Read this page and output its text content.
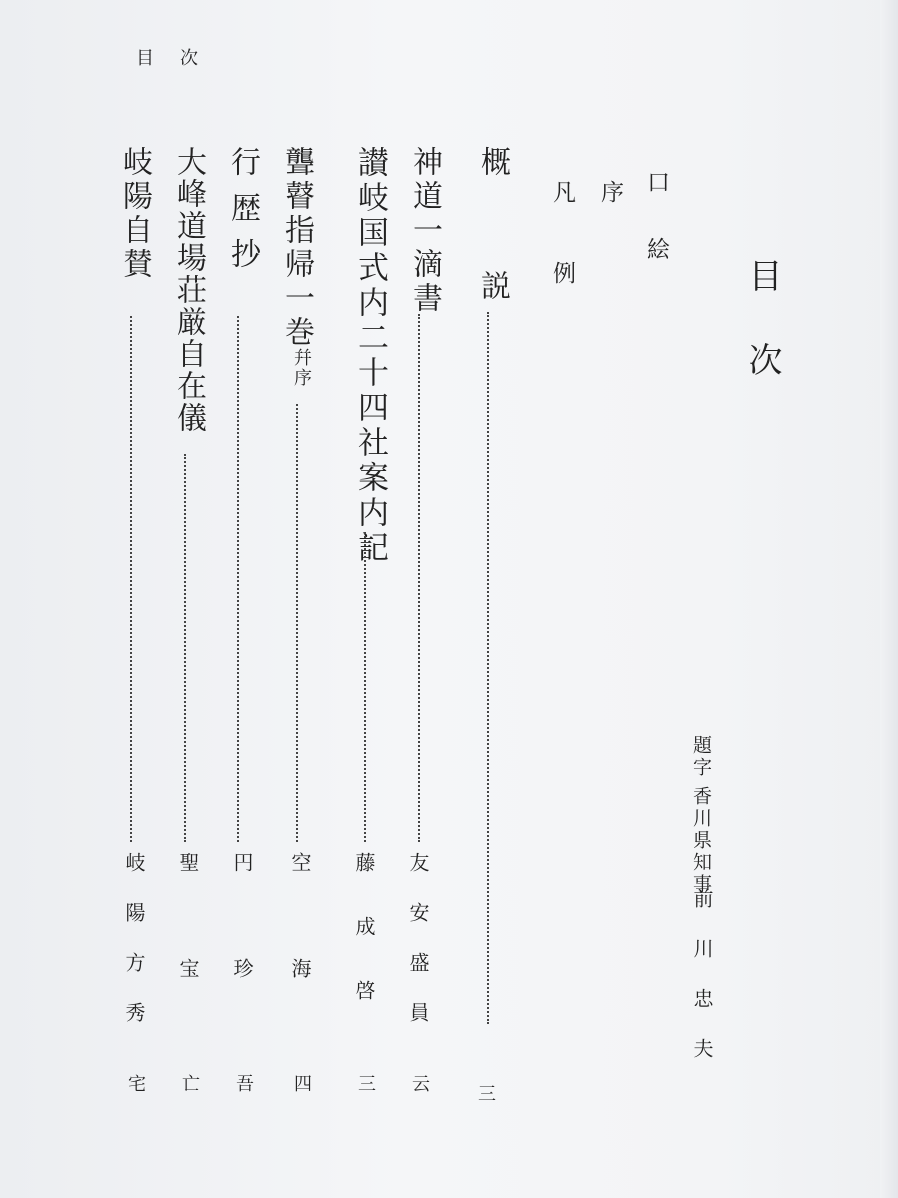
目次
目次
題字
香川県知事
前川忠夫
口絵
序
凡例
概説
三
神道一滴書
友安盛員
云
讃岐国式内二十四社案内記
藤成啓
三
聾瞽指帰一巻
幷序
空海
四
行歴抄
円珍
吾
大峰道場荘厳自在儀
聖宝
亡
岐陽自賛
岐陽方秀
宅
